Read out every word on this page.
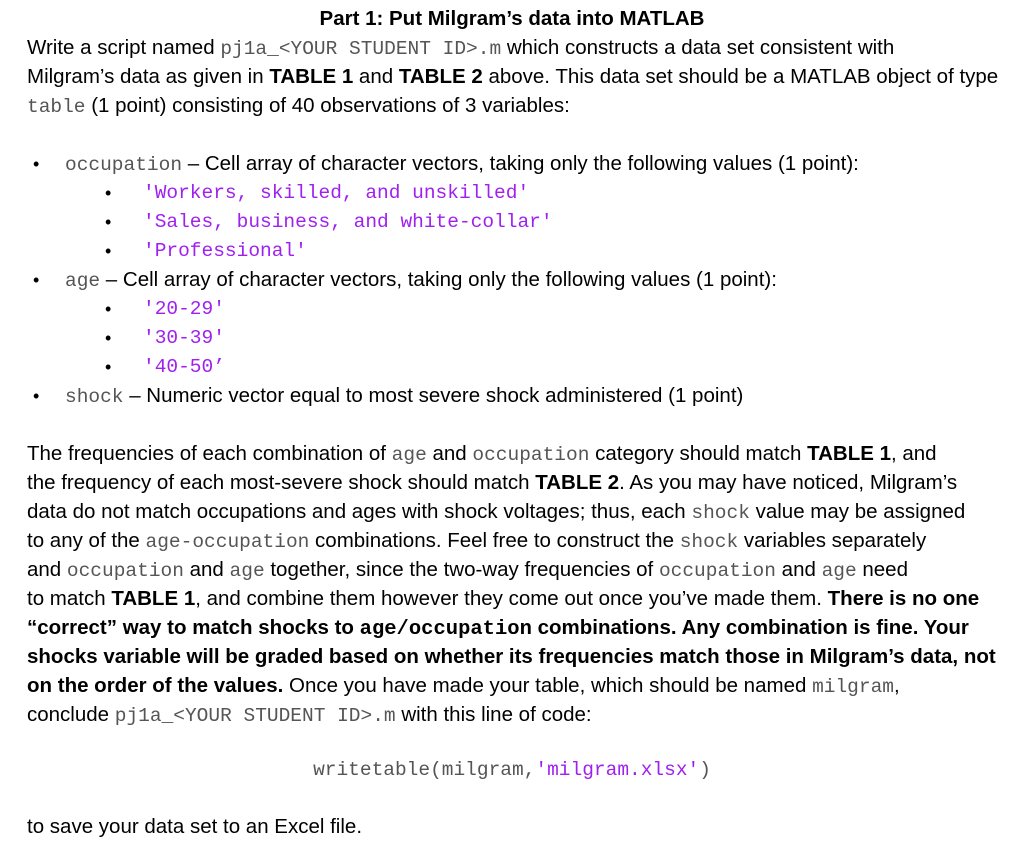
Part 1: Put Milgram’s data into MATLAB
Write a script named pj1a_<YOUR STUDENT ID>.m which constructs a data set consistent with
Milgram’s data as given in TABLE 1 and TABLE 2 above. This data set should be a MATLAB object of type
table (1 point) consisting of 40 observations of 3 variables:
• occupation – Cell array of character vectors, taking only the following values (1 point):
• 'Workers, skilled, and unskilled'
• 'Sales, business, and white-collar'
• 'Professional'
• age – Cell array of character vectors, taking only the following values (1 point):
• '20-29'
• '30-39'
• '40-50’
• shock – Numeric vector equal to most severe shock administered (1 point)
The frequencies of each combination of age and occupation category should match TABLE 1, and
the frequency of each most-severe shock should match TABLE 2. As you may have noticed, Milgram’s
data do not match occupations and ages with shock voltages; thus, each shock value may be assigned
to any of the age-occupation combinations. Feel free to construct the shock variables separately
and occupation and age together, since the two-way frequencies of occupation and age need
to match TABLE 1, and combine them however they come out once you’ve made them. There is no one
“correct” way to match shocks to age/occupation combinations. Any combination is fine. Your
shocks variable will be graded based on whether its frequencies match those in Milgram’s data, not
on the order of the values. Once you have made your table, which should be named milgram,
conclude pj1a_<YOUR STUDENT ID>.m with this line of code:
writetable(milgram,'milgram.xlsx')
to save your data set to an Excel file.
